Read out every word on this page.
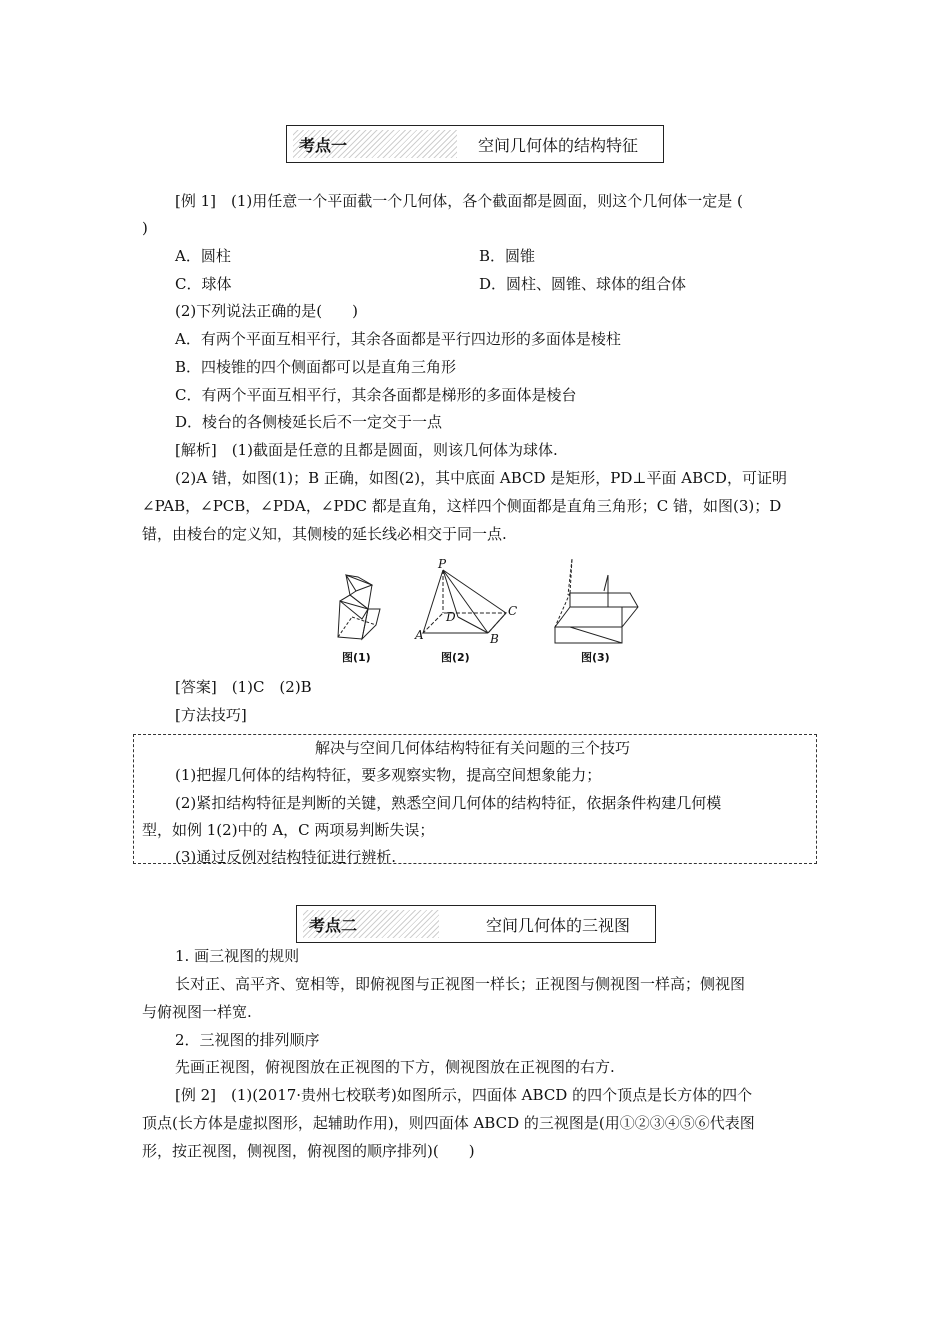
考点一	空间几何体的结构特征
[例 1]　(1)用任意一个平面截一个几何体，各个截面都是圆面，则这个几何体一定是 (
)
A．圆柱	B．圆锥
C．球体	D．圆柱、圆锥、球体的组合体
(2)下列说法正确的是(　　)
A．有两个平面互相平行，其余各面都是平行四边形的多面体是棱柱
B．四棱锥的四个侧面都可以是直角三角形
C．有两个平面互相平行，其余各面都是梯形的多面体是棱台
D．棱台的各侧棱延长后不一定交于一点
[解析]　(1)截面是任意的且都是圆面，则该几何体为球体.
(2)A 错，如图(1)；B 正确，如图(2)，其中底面 ABCD 是矩形，PD⊥平面 ABCD，可证明
∠PAB，∠PCB，∠PDA，∠PDC 都是直角，这样四个侧面都是直角三角形；C 错，如图(3)；D
错，由棱台的定义知，其侧棱的延长线必相交于同一点.
P
A	B
C
D
图(1)	图(2)	图(3)
[答案]　(1)C　(2)B
[方法技巧]
解决与空间几何体结构特征有关问题的三个技巧
(1)把握几何体的结构特征，要多观察实物，提高空间想象能力；
(2)紧扣结构特征是判断的关键，熟悉空间几何体的结构特征，依据条件构建几何模
型，如例 1(2)中的 A，C 两项易判断失误；
(3)通过反例对结构特征进行辨析.
考点二	空间几何体的三视图
1. 画三视图的规则
长对正、高平齐、宽相等，即俯视图与正视图一样长；正视图与侧视图一样高；侧视图
与俯视图一样宽.
2．三视图的排列顺序
先画正视图，俯视图放在正视图的下方，侧视图放在正视图的右方.
[例 2]　(1)(2017·贵州七校联考)如图所示，四面体 ABCD 的四个顶点是长方体的四个
顶点(长方体是虚拟图形，起辅助作用)，则四面体 ABCD 的三视图是(用①②③④⑤⑥代表图
形，按正视图，侧视图，俯视图的顺序排列)(　　)
